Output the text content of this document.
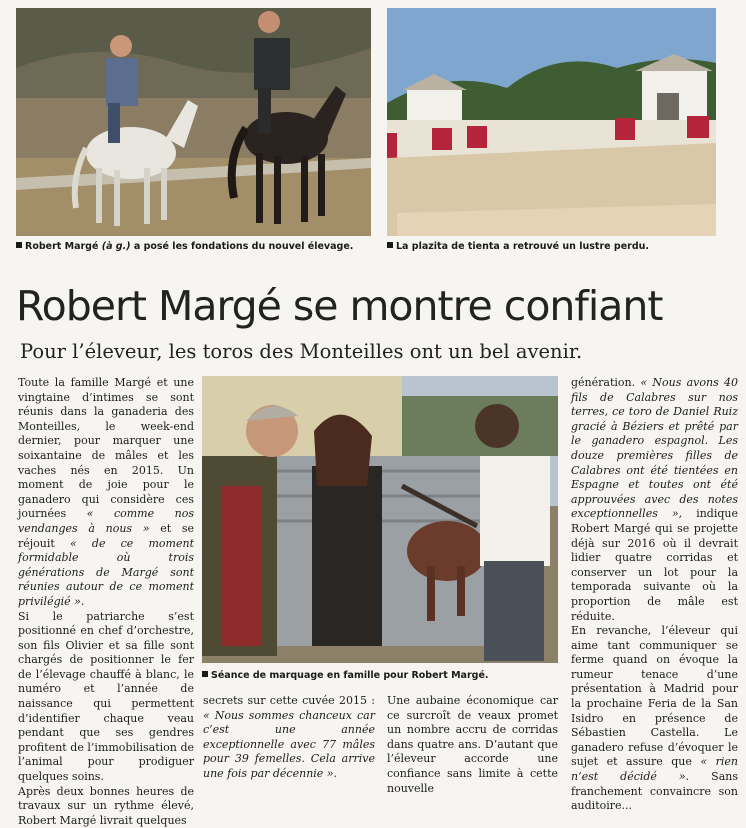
Robert Margé (à g.) a posé les fondations du nouvel élevage.	La plazita de tienta a retrouvé un lustre perdu.
Robert Margé se montre confiant
Pour l’éleveur, les toros des Monteilles ont un bel avenir.

Toute la famille Margé et une vingtaine d’intimes se sont réunis dans la ganaderia des Monteilles, le week-end dernier, pour marquer une soixantaine de mâles et les vaches nés en 2015. Un moment de joie pour le ganadero qui considère ces journées « comme nos vendanges à nous » et se réjouit « de ce moment formidable où trois générations de Margé sont réunies autour de ce moment privilégié ».

Si le patriarche s’est positionné en chef d’orchestre, son fils Olivier et sa fille sont chargés de positionner le fer de l’élevage chauffé à blanc, le numéro et l’année de naissance qui permettent d’identifier chaque veau pendant que ses gendres profitent de l’immobilisation de l’animal pour prodiguer quelques soins.

Après deux bonnes heures de travaux sur un rythme élevé, Robert Margé livrait quelques

Séance de marquage en famille pour Robert Margé.

secrets sur cette cuvée 2015 : « Nous sommes chanceux car c’est une année exceptionnelle avec 77 mâles pour 39 femelles. Cela arrive une fois par décennie ».

Une aubaine économique car ce surcroît de veaux promet un nombre accru de corridas dans quatre ans. D’autant que l’éleveur accorde une confiance sans limite à cette nouvelle

génération. « Nous avons 40 fils de Calabres sur nos terres, ce toro de Daniel Ruiz gracié à Béziers et prêté par le ganadero espagnol. Les douze premières filles de Calabres ont été tientées en Espagne et toutes ont été approuvées avec des notes exceptionnelles », indique Robert Margé qui se projette déjà sur 2016 où il devrait lidier quatre corridas et conserver un lot pour la temporada suivante où la proportion de mâle est réduite.

En revanche, l’éleveur qui aime tant communiquer se ferme quand on évoque la rumeur tenace d’une présentation à Madrid pour la prochaine Feria de la San Isidro en présence de Sébastien Castella. Le ganadero refuse d’évoquer le sujet et assure que « rien n’est décidé ». Sans franchement convaincre son auditoire...
